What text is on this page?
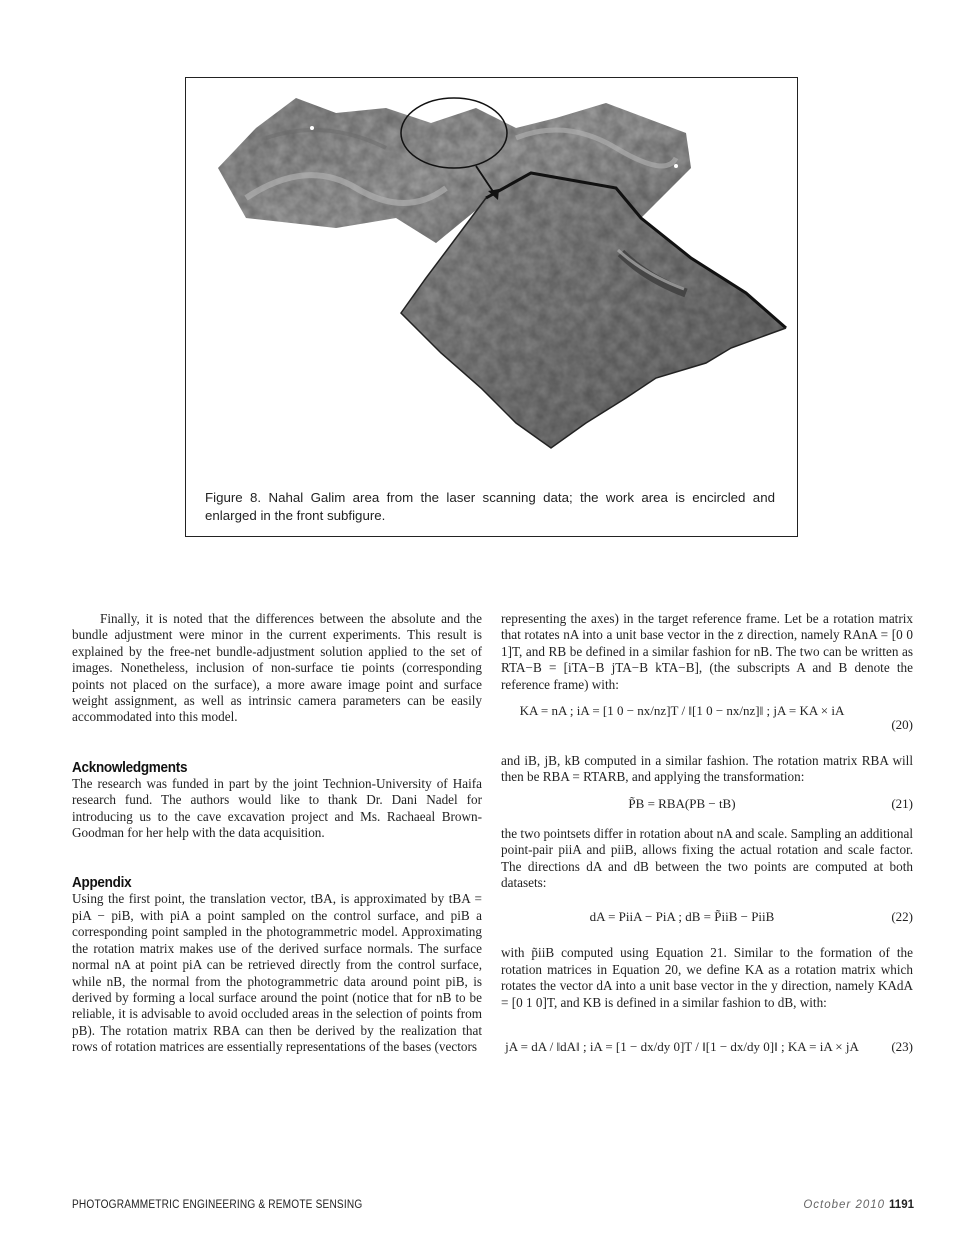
Figure 8. Nahal Galim area from the laser scanning data; the work area is encircled and enlarged in the front subfigure.

Finally, it is noted that the differences between the absolute and the bundle adjustment were minor in the current experiments. This result is explained by the free-net bundle-adjustment solution applied to the set of images. Nonetheless, inclusion of non-surface tie points (corresponding points not placed on the surface), a more aware image point and surface weight assignment, as well as intrinsic camera parameters can be easily accommodated into this model.

Acknowledgments

The research was funded in part by the joint Technion-University of Haifa research fund. The authors would like to thank Dr. Dani Nadel for introducing us to the cave excavation project and Ms. Rachaeal Brown-Goodman for her help with the data acquisition.

Appendix

Using the first point, the translation vector, tBA, is approximated by tBA = piA − piB, with piA a point sampled on the control surface, and piB a corresponding point sampled in the photogrammetric model. Approximating the rotation matrix makes use of the derived surface normals. The surface normal nA at point piA can be retrieved directly from the control surface, while nB, the normal from the photogrammetric data around point piB, is derived by forming a local surface around the point (notice that for nB to be reliable, it is advisable to avoid occluded areas in the selection of points from pB). The rotation matrix RBA can then be derived by the realization that rows of rotation matrices are essentially representations of the bases (vectors

representing the axes) in the target reference frame. Let be a rotation matrix that rotates nA into a unit base vector in the z direction, namely RAnA = [0 0 1]T, and RB be defined in a similar fashion for nB. The two can be written as RTA−B = [iTA−B jTA−B kTA−B], (the subscripts A and B denote the reference frame) with:

KA = nA ; iA = [1 0 − nx/nz]T / ‖[1 0 − nx/nz]‖ ; jA = KA × iA
(20)

and iB, jB, kB computed in a similar fashion. The rotation matrix RBA will then be RBA = RTARB, and applying the transformation:

P̃B = RBA(PB − tB)	(21)

the two pointsets differ in rotation about nA and scale. Sampling an additional point-pair piiA and piiB, allows fixing the actual rotation and scale factor. The directions dA and dB between the two points are computed at both datasets:

dA = PiiA − PiA ; dB = P̃iiB − PiiB	(22)

with p̃iiB computed using Equation 21. Similar to the formation of the rotation matrices in Equation 20, we define KA as a rotation matrix which rotates the vector dA into a unit base vector in the y direction, namely KAdA = [0 1 0]T, and KB is defined in a similar fashion to dB, with:

jA = dA / ‖dA‖ ; iA = [1 − dx/dy 0]T / ‖[1 − dx/dy 0]‖ ; KA = iA × jA	(23)
PHOTOGRAMMETRIC ENGINEERING & REMOTE SENSING	October 2010 1191
